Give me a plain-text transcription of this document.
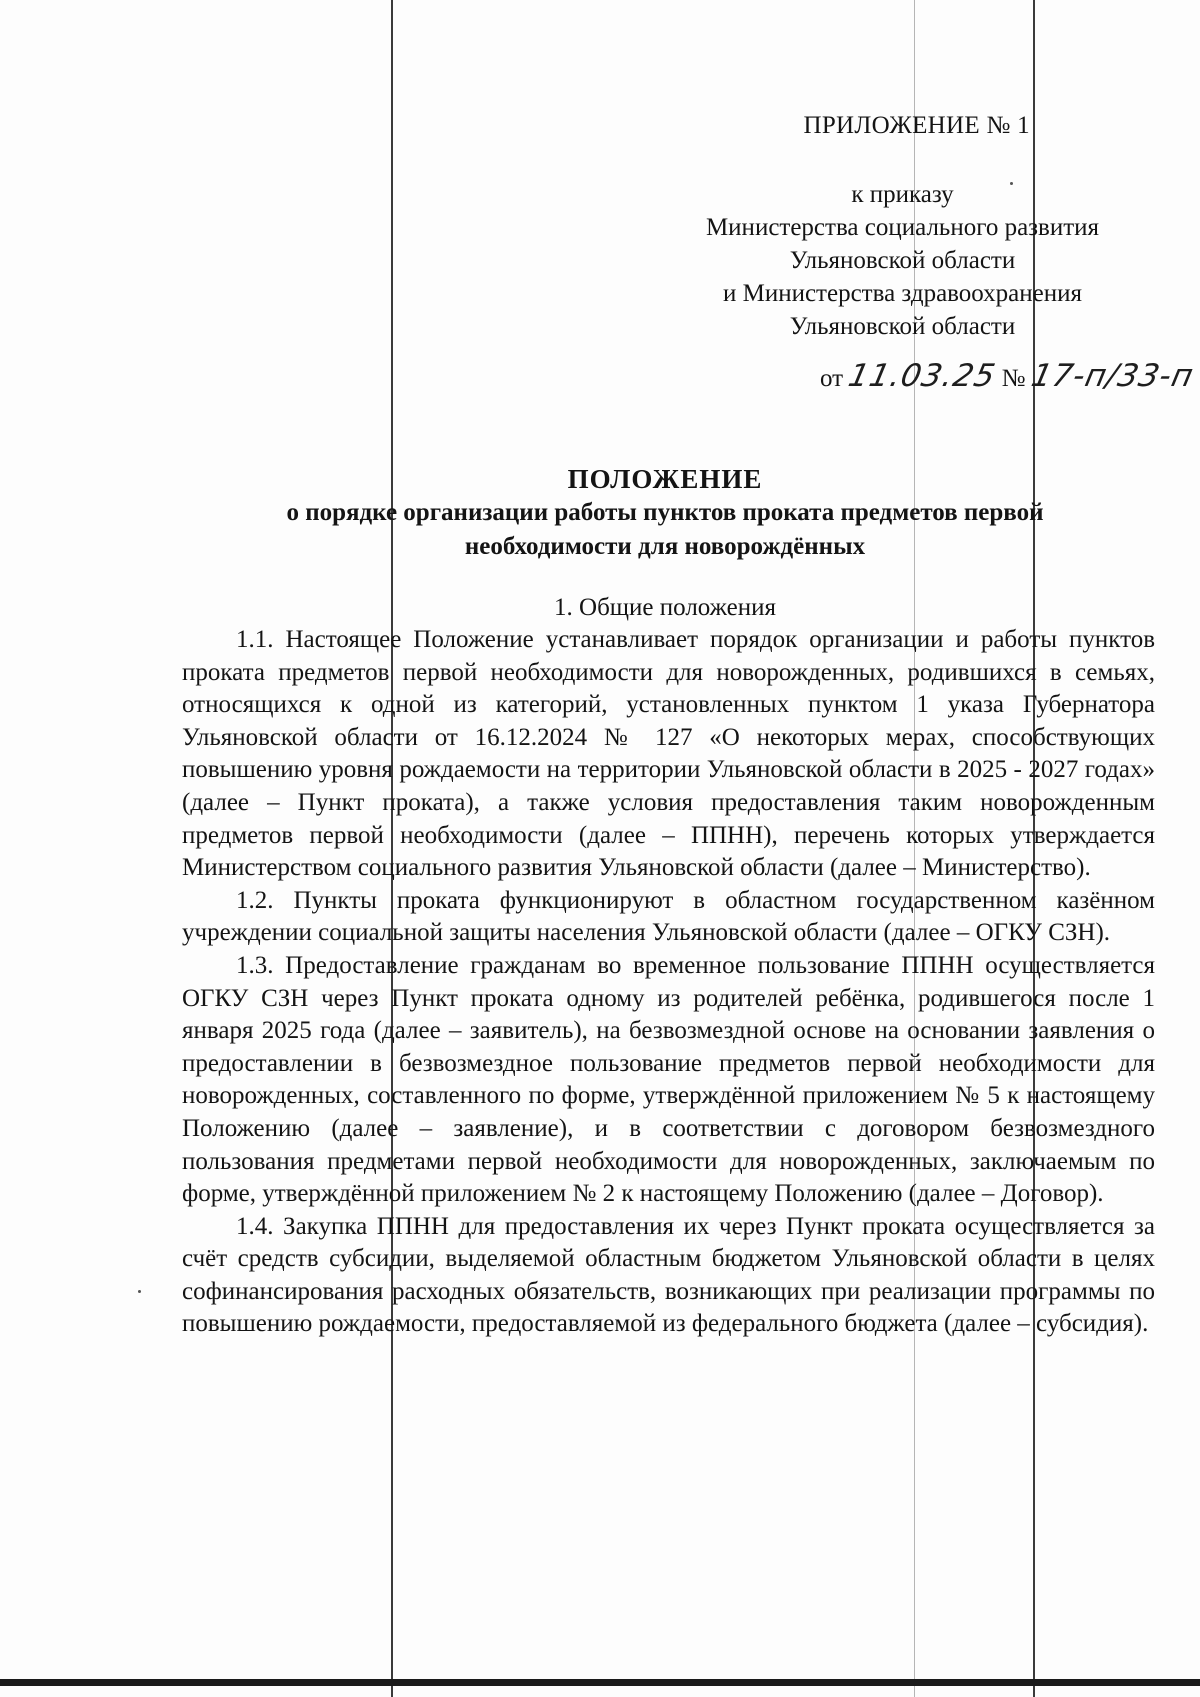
ПРИЛОЖЕНИЕ № 1
к приказу
Министерства социального развития
Ульяновской области
и Министерства здравоохранения
Ульяновской области
от 11.03.25 № 17-п/33-п
ПОЛОЖЕНИЕ
о порядке организации работы пунктов проката предметов первой
необходимости для новорождённых
1. Общие положения

1.1. Настоящее Положение устанавливает порядок организации и работы пунктов проката предметов первой необходимости для новорожденных, родившихся в семьях, относящихся к одной из категорий, установленных пунктом 1 указа Губернатора Ульяновской области от 16.12.2024 № 127 «О некоторых мерах, способствующих повышению уровня рождаемости на территории Ульяновской области в 2025 - 2027 годах» (далее – Пункт проката), а также условия предоставления таким новорожденным предметов первой необходимости (далее – ППНН), перечень которых утверждается Министерством социального развития Ульяновской области (далее – Министерство).

1.2. Пункты проката функционируют в областном государственном казённом учреждении социальной защиты населения Ульяновской области (далее – ОГКУ СЗН).

1.3. Предоставление гражданам во временное пользование ППНН осуществляется ОГКУ СЗН через Пункт проката одному из родителей ребёнка, родившегося после 1 января 2025 года (далее – заявитель), на безвозмездной основе на основании заявления о предоставлении в безвозмездное пользование предметов первой необходимости для новорожденных, составленного по форме, утверждённой приложением № 5 к настоящему Положению (далее – заявление), и в соответствии с договором безвозмездного пользования предметами первой необходимости для новорожденных, заключаемым по форме, утверждённой приложением № 2 к настоящему Положению (далее – Договор).

1.4. Закупка ППНН для предоставления их через Пункт проката осуществляется за счёт средств субсидии, выделяемой областным бюджетом Ульяновской области в целях софинансирования расходных обязательств, возникающих при реализации программы по повышению рождаемости, предоставляемой из федерального бюджета (далее – субсидия).
